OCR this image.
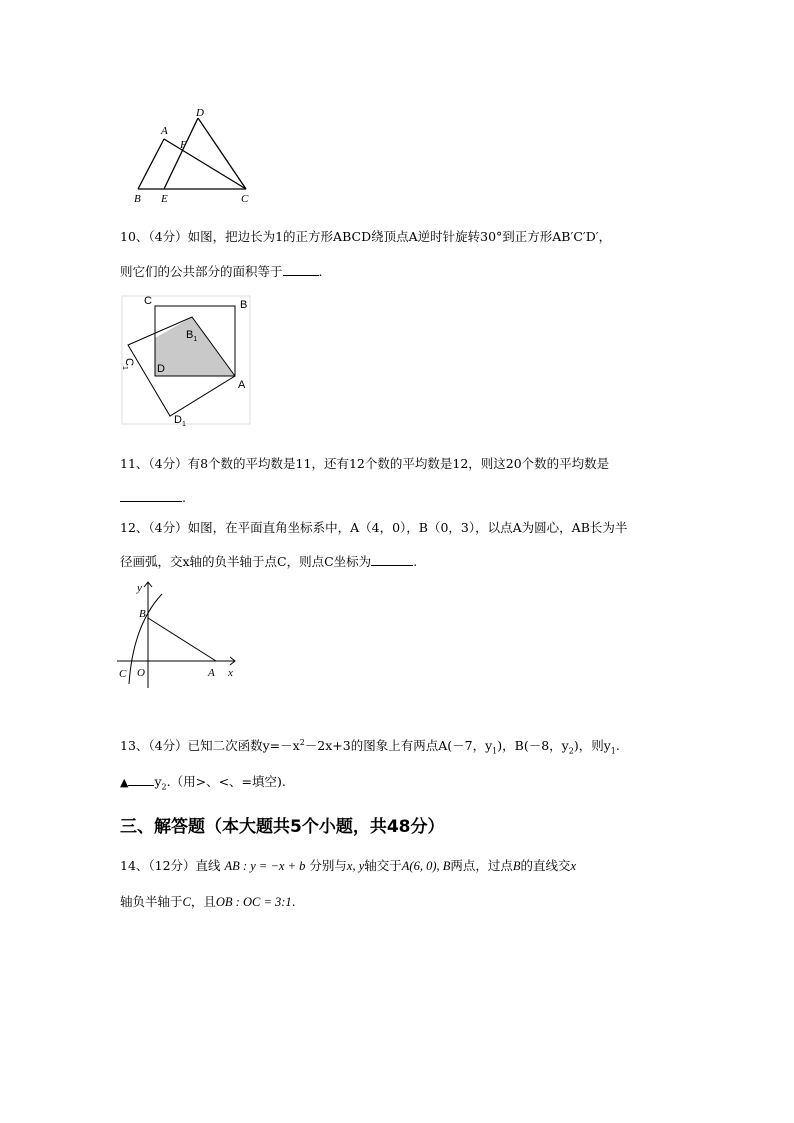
A
D
F
B E	C
10、（4分）如图，把边长为1的正方形ABCD绕顶点A逆时针旋转30°到正方形AB′C′D′，
则它们的公共部分的面积等于	.
C	B
$B_1$
D
A
$D_1$
$C_1$
11、（4分）有8个数的平均数是11，还有12个数的平均数是12，则这20个数的平均数是
.
12、（4分）如图，在平面直角坐标系中，A（4，0），B（0，3），以点A为圆心，AB长为半
径画弧，交x轴的负半轴于点C，则点C坐标为	.
y
B
C O	A x
13、（4分）已知二次函数$y=-x^2-2x+3$的图象上有两点A(－7，$y_1$)，B(－8，$y_2$)，则$y_1$.
▲ $y_2$.（用>、<、=填空).
三、解答题（本大题共5个小题，共48分）
14、（12分）直线 AB : y = −x + b 分别与x, y轴交于A(6, 0), B两点，过点B的直线交x
轴负半轴于C，且OB : OC = 3:1.
